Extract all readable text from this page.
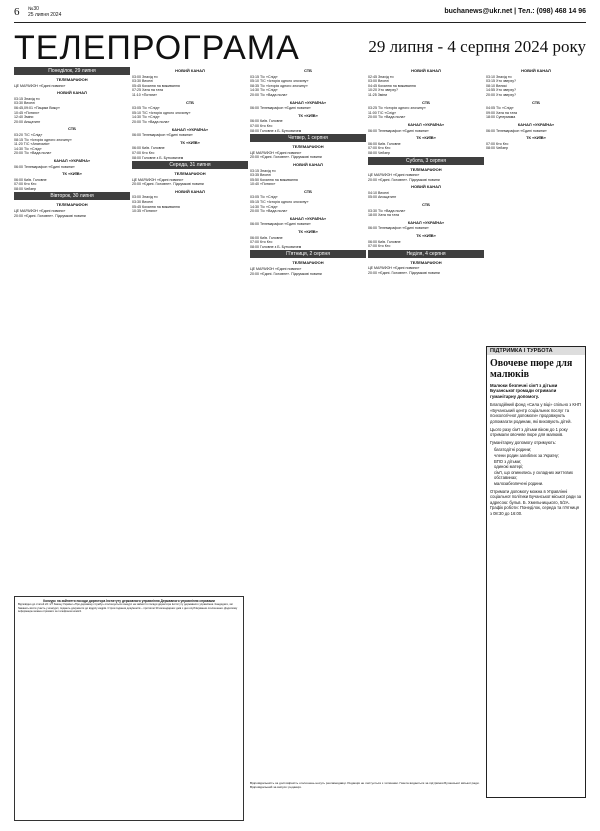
6 №30
25 липня 2024	buchanews@ukr.net | Тел.: (098) 468 14 96
ТЕЛЕПРОГРАМА	29 липня - 4 серпня 2024 року
Понеділок, 29 липня
ТЕЛЕМАРАФОН
ЦЕ МАРАФОН «Єдині новини»
НОВИЙ КАНАЛ
03:15 Знахід ти
03:30 Веселі
06:45,09:01 «Пацики Вижу»
10:45 «Потяги»
12:40 Зміни
20:00 Анщатинг
СТБ
03:20 Т/С «Слід»
08:15 Т/с «Історія одного злочину»
11:20 Т/С «Анатомія»
14:30 Т/с «Слід»
20:00 Т/с «Вада пола»
КАНАЛ «УКРАЇНА»
06:00 Телемарафон «Єдині новини»
ТК «КИЇВ»
06:00 Київ. Головне
07:00 Кто Кто
08:00 Чейзер
Вівторок, 30 липня
ТЕЛЕМАРАФОН
ЦЕ МАРАФОН «Єдині новини»
20:00 «Єдині. Головне». Підсумкові новини
НОВИЙ КАНАЛ
03:00 Знахід ти
03:30 Веселі
05:45 Кохання на виживання
07:25 Хата на тата
11:10 «Потяги»
СТБ
03:05 Т/с «Слід»
05:10 Т/С «Історія одного злочину»
14:30 Т/с «Слід»
20:00 Т/с «Вада пола»
КАНАЛ «УКРАЇНА»
06:00 Телемарафон «Єдині новини»
ТК «КИЇВ»
06:00 Київ. Головне
07:00 Кто Кто
08:00 Головне з Б. Бутковичем
Середа, 31 липня
ТЕЛЕМАРАФОН
ЦЕ МАРАФОН «Єдині новини»
20:00 «Єдині. Головне». Підсумкові новини
НОВИЙ КАНАЛ
03:00 Знахід ти
03:30 Веселі
05:45 Кохання на виживання
10:35 «Потяги»
СТБ
03:15 Т/с «Слід»
05:10 Т/С «Історія одного злочину»
08:35 Т/с «Історія одного злочину»
14:30 Т/с «Слід»
20:00 Т/с «Вада пола»
КАНАЛ «УКРАЇНА»
06:00 Телемарафон «Єдині новини»
ТК «КИЇВ»
06:00 Київ. Головне
07:00 Кто Кто
08:00 Головне з Б. Бутковичем
Четвер, 1 серпня
ТЕЛЕМАРАФОН
ЦЕ МАРАФОН «Єдині новини»
20:00 «Єдині. Головне». Підсумкові новини
НОВИЙ КАНАЛ
03:15 Знахід ти
03:35 Веселі
05:50 Кохання на виживання
10:40 «Потяги»
СТБ
03:05 Т/с «Слід»
05:15 Т/С «Історія одного злочину»
14:30 Т/с «Слід»
20:00 Т/с «Вада пола»
КАНАЛ «УКРАЇНА»
06:00 Телемарафон «Єдині новини»
ТК «КИЇВ»
06:00 Київ. Головне
07:00 Кто Кто
08:00 Головне з Б. Бутковичем
П'ятниця, 2 серпня
ТЕЛЕМАРАФОН
ЦЕ МАРАФОН «Єдині новини»
20:00 «Єдині. Головне». Підсумкові новини
НОВИЙ КАНАЛ
02:45 Знахід ти
03:00 Веселі
04:45 Кохання на виживання
10:20 Хто зверху?
11:25 Зміни
СТБ
03:25 Т/с «Історія одного злочину»
11:00 Т/С «Слід»
20:00 Т/с «Вада пола»
КАНАЛ «УКРАЇНА»
06:00 Телемарафон «Єдині новини»
ТК «КИЇВ»
06:00 Київ. Головне
07:00 Кто Кто
08:00 Чейзер
Субота, 3 серпня
ТЕЛЕМАРАФОН
ЦЕ МАРАФОН «Єдині новини»
20:00 «Єдині. Головне». Підсумкові новини
НОВИЙ КАНАЛ
04:10 Веселі
05:00 Апощатинг
СТБ
03:30 Т/с «Вада пола»
18:00 Хата на тата
КАНАЛ «УКРАЇНА»
06:00 Телемарафон «Єдині новини»
ТК «КИЇВ»
06:00 Київ. Головне
07:00 Кто Кто
Неділя, 4 серпня
ТЕЛЕМАРАФОН
ЦЕ МАРАФОН «Єдині новини»
20:00 «Єдині. Головне». Підсумкові новини
НОВИЙ КАНАЛ
03:10 Знахід ти
03:15 Хто зверху?
08:10 Великі
14:55 Хто зверху?
20:00 Хто зверху?
СТБ
04:05 Т/с «Слід»
09:00 Хата на тата
18:00 Супермама
КАНАЛ «УКРАЇНА»
06:00 Телемарафон «Єдині новини»
ТК «КИЇВ»
07:00 Кто Кто
08:00 Чейзер
Конкурс на зайняття посади директора Інституту державного управління Державного управління справами
Відповідно до статей 22 і 27 Закону України «Про державну службу» оголошується конкурс на зайняття посади директора Інституту державного управління. Кандидати, які бажають взяти участь у конкурсі, подають документи до відділу кадрів. Строк подання документів – протягом 30 календарних днів з дня опублікування оголошення. Додаткову інформацію можна отримати за телефоном комісії.
Відповідальність за достовірність оголошень несуть рекламодавці. Редакція не листується з читачами. Газета видається за підтримки Бучанської міської ради.
Відповідальний за випуск: редакція.
ПІДТРИМКА І ТУРБОТА
Овочеве пюре для малюків
Малюки безпечні сім'ї з дітьми Бучанської громади отримали гуманітарну допомогу.
Благодійний фонд «Сила у віці» спільно з КНП «Бучанський центр соціальних послуг та психологічної допомоги» продовжують допомагати родинам, які виховують дітей.
Цього разу сім'ї з дітьми віком до 1 року отримали овочеве пюре для малюків.
Гуманітарну допомогу отримують:
багатодітні родини;
члени родин загиблих за Україну;
ВПО з дітьми;
одинокі матері;
сім'ї, що опинились у складних життєвих обставинах;
малозабезпечені родини.
Отримати допомогу можна в Управлінні соціальної політики Бучанської міської ради за адресою: бульв. Б. Хмельницького, 5/2А. Графік роботи: Понеділок, середа та п'ятниця з 08:30 до 16:00.
